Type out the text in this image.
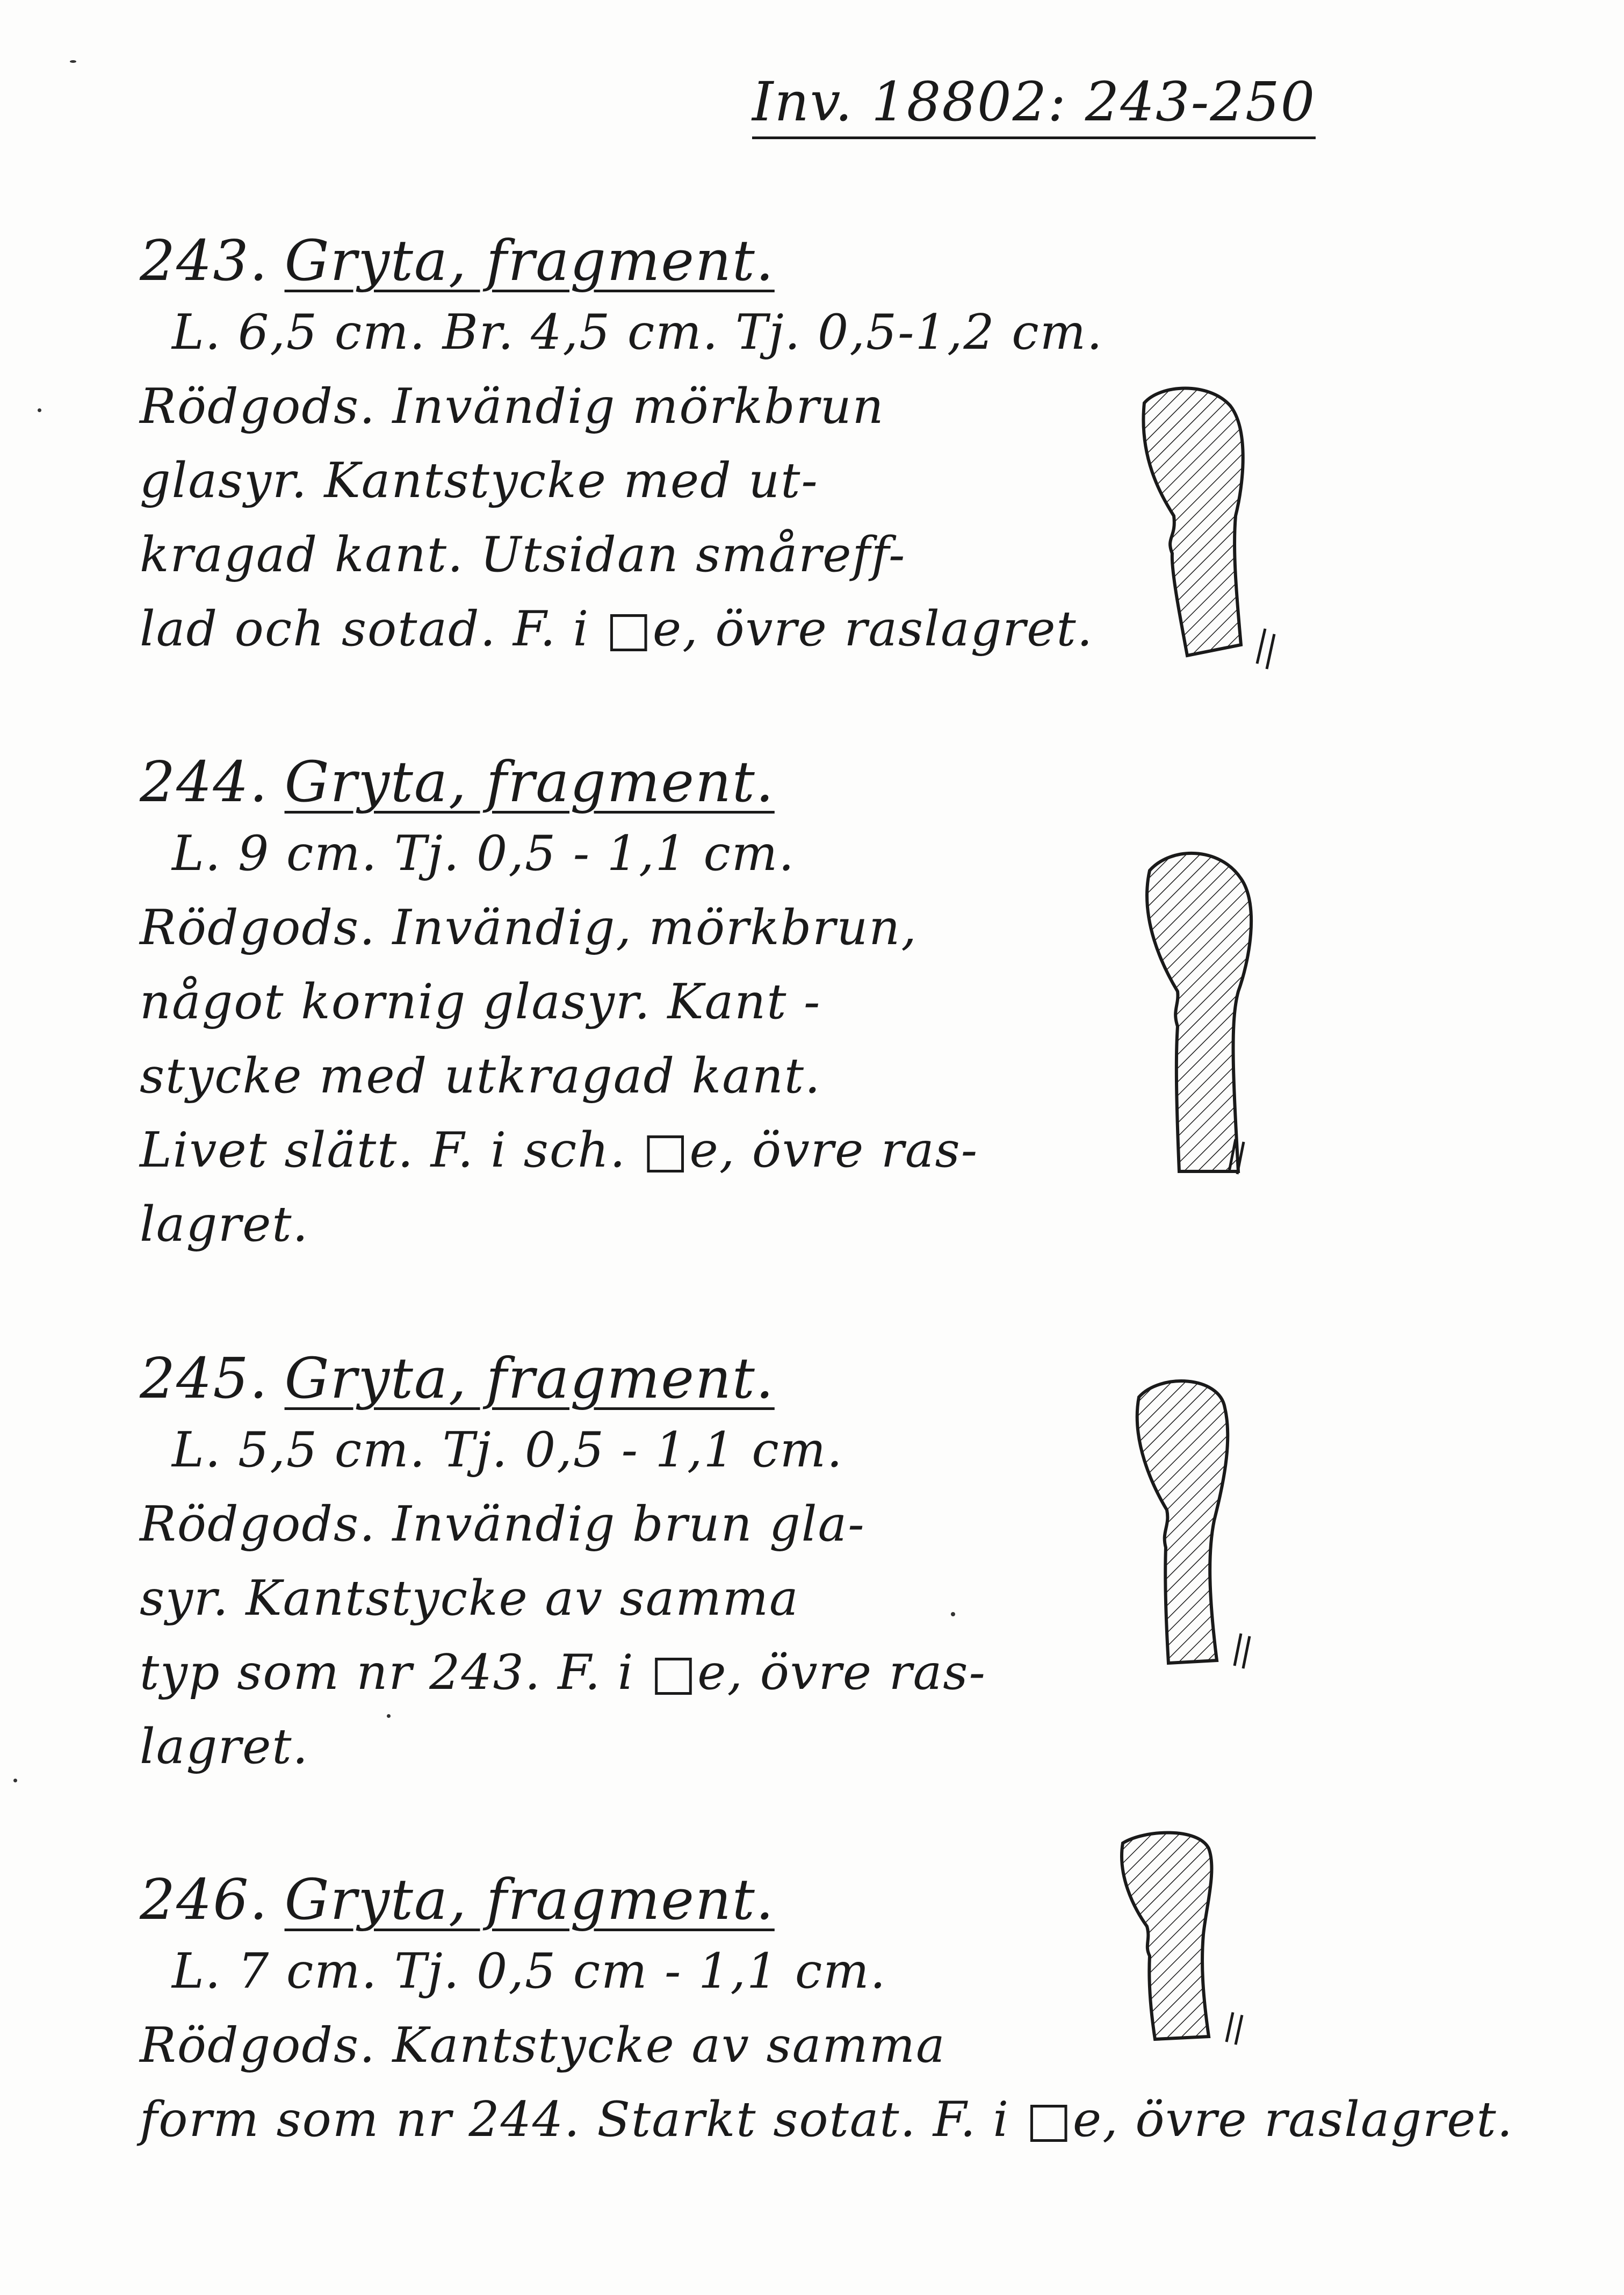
Inv. 18802: 243-250
243. Gryta, fragment.
L. 6,5 cm. Br. 4,5 cm. Tj. 0,5-1,2 cm.
Rödgods. Invändig mörkbrun
glasyr. Kantstycke med ut-
kragad kant. Utsidan småreff-
lad och sotad. F. i □e, övre raslagret.
244. Gryta, fragment.
L. 9 cm. Tj. 0,5 - 1,1 cm.
Rödgods. Invändig, mörkbrun,
något kornig glasyr. Kant -
stycke med utkragad kant.
Livet slätt. F. i sch. □e, övre ras-
lagret.
245. Gryta, fragment.
L. 5,5 cm. Tj. 0,5 - 1,1 cm.
Rödgods. Invändig brun gla-
syr. Kantstycke av samma
typ som nr 243. F. i □e, övre ras-
lagret.
246. Gryta, fragment.
L. 7 cm. Tj. 0,5 cm - 1,1 cm.
Rödgods. Kantstycke av samma
form som nr 244. Starkt sotat. F. i □e, övre raslagret.
